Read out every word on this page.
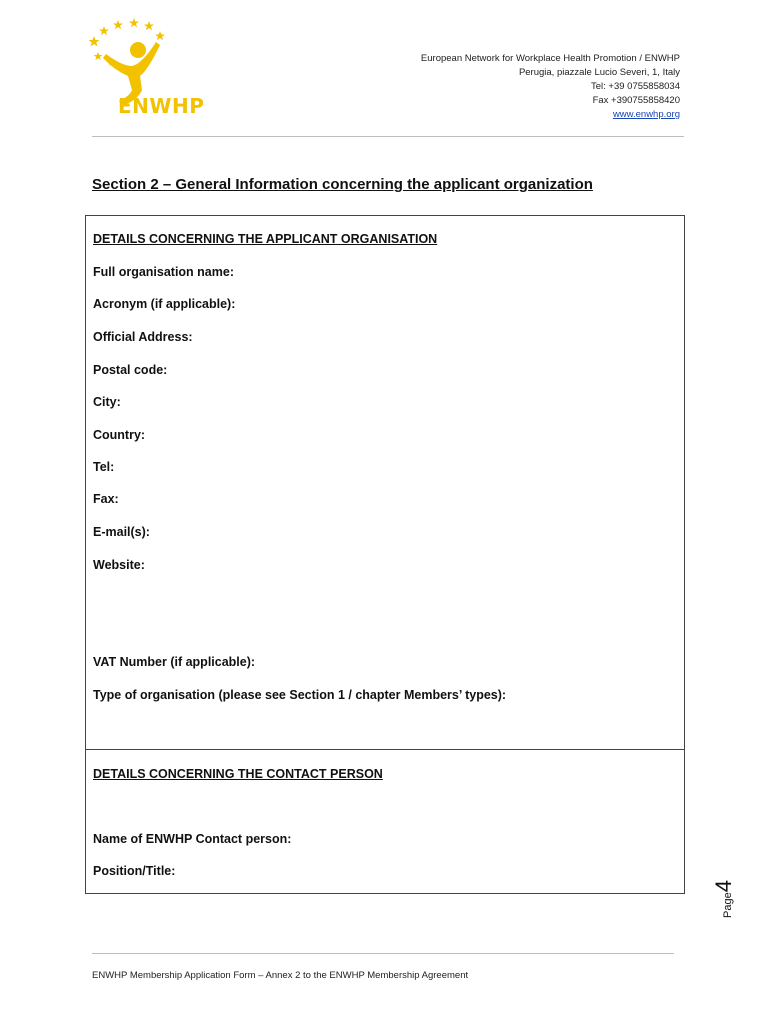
ENWHP
European Network for Workplace Health Promotion / ENWHP
Perugia, piazzale Lucio Severi, 1, Italy
Tel: +39 0755858034
Fax +390755858420
www.enwhp.org
Section 2 – General Information concerning the applicant organization
DETAILS CONCERNING THE APPLICANT ORGANISATION
Full organisation name:
Acronym (if applicable):
Official Address:
Postal code:
City:
Country:
Tel:
Fax:
E-mail(s):
Website:
VAT Number (if applicable):
Type of organisation (please see Section 1 / chapter Members’ types):
DETAILS CONCERNING THE CONTACT PERSON
Name of ENWHP Contact person:
Position/Title:
Page4
ENWHP Membership Application Form – Annex 2 to the ENWHP Membership Agreement
